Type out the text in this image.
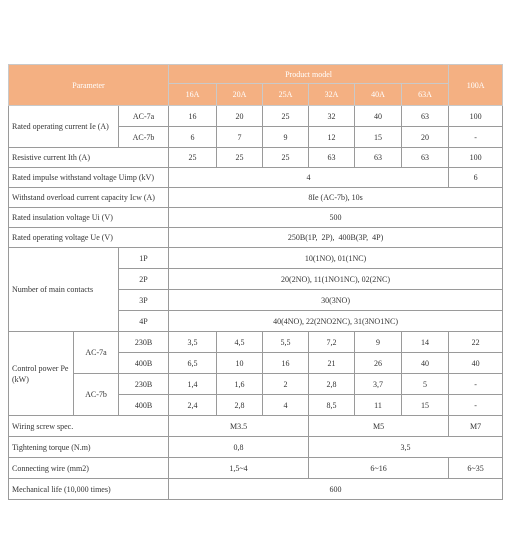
Parameter			Product model						100A
			16A	20A	25A	32A	40A	63A	
Rated operating current Ie (A)		AC-7a	16	20	25	32	40	63	100
		AC-7b	6	7	9	12	15	20	-
Resistive current Ith (A)			25	25	25	63	63	63	100
Rated impulse withstand voltage Uimp (kV)			4						6
Withstand overload current capacity Icw (A)			8Ie (AC-7b), 10s						
Rated insulation voltage Ui (V)			500						
Rated operating voltage Ue (V)			250B(1P,  2P),  400B(3P,  4P)						
Number of main contacts		1P	10(1NO), 01(1NC)						
		2P	20(2NO), 11(1NO1NC), 02(2NC)						
		3P	30(3NO)						
		4P	40(4NO), 22(2NO2NC), 31(3NO1NC)						
Control power Pe (kW)	AC-7a	230B	3,5	4,5	5,5	7,2	9	14	22
		400B	6,5	10	16	21	26	40	40
	AC-7b	230B	1,4	1,6	2	2,8	3,7	5	-
		400B	2,4	2,8	4	8,5	11	15	-
Wiring screw spec.			M3.5			M5			M7
Tightening torque (N.m)			0,8			3,5			
Connecting wire (mm2)			1,5~4			6~16			6~35
Mechanical life (10,000 times)			600						
